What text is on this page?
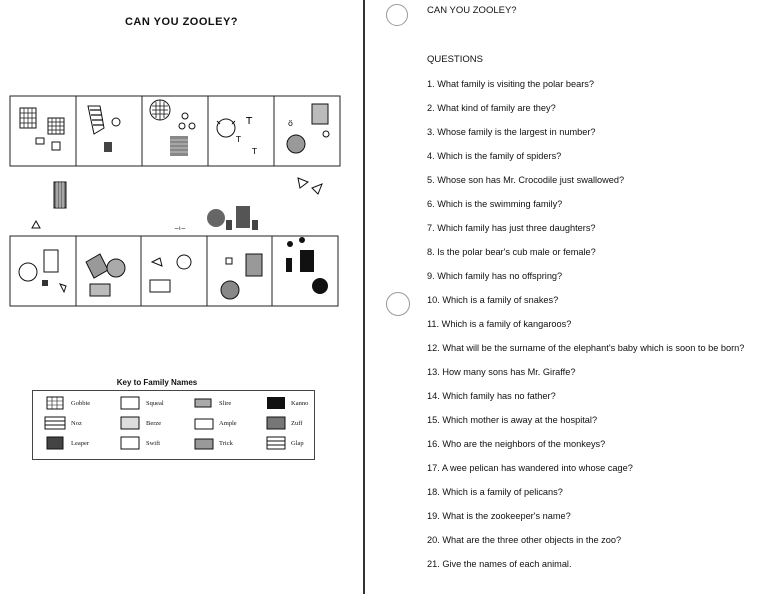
CAN YOU ZOOLEY?
T
T
T
ö
−ı−
Key to Family Names
Gobbie	Squeal	Slire	Kanno
Noz	Berze	Ample	Zuff
Leaper	Swift	Trick	Glap
CAN YOU ZOOLEY?
QUESTIONS
1. What family is visiting the polar bears?
2. What kind of family are they?
3. Whose family is the largest in number?
4. Which is the family of spiders?
5. Whose son has Mr. Crocodile just swallowed?
6. Which is the swimming family?
7. Which family has just three daughters?
8. Is the polar bear's cub male or female?
9. Which family has no offspring?
10. Which is a family of snakes?
11. Which is a family of kangaroos?
12. What will be the surname of the elephant's baby which is soon to be born?
13. How many sons has Mr. Giraffe?
14. Which family has no father?
15. Which mother is away at the hospital?
16. Who are the neighbors of the monkeys?
17. A wee pelican has wandered into whose cage?
18. Which is a family of pelicans?
19. What is the zookeeper's name?
20. What are the three other objects in the zoo?
21. Give the names of each animal.
